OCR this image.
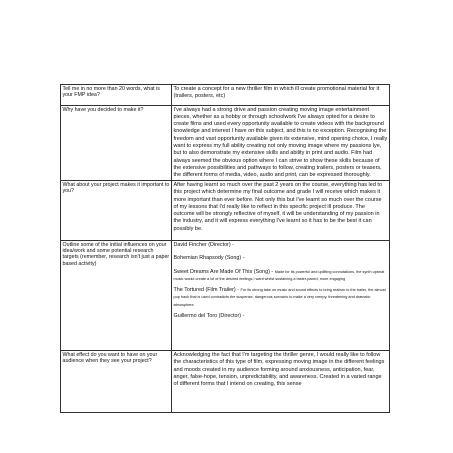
Tell me in no more than 20 words, what is your FMP idea?	To create a concept for a new thriller film in which ill create promotional material for it (trailers, posters, etc)
Why have you decided to make it?	I've always had a strong drive and passion creating moving image entertainment pieces, whether as a hobby or through schoolwork I've always opted for a desire to create films and used every opportunity available to create videos with the background knowledge and interest I have on this subject, and this is no exception. Recognising the freedom and vast opportunity available given its extensive, mind opening choice, I really want to express my full ability creating not only moving image where my passions lye, but to also demonstrate my extensive skills and ability in print and audio. Film had always seemed the obvious option where I can strive to show these skills because of the extensive possibilities and pathways to follow, creating trailers, posters or teasers, the different forms of media, video, audio and print, can be expressed thoroughly.
What about your project makes it important to you?	After having learnt so much over the past 2 years on the course, everything has led to this project which determine my final outcome and grade I will receive which makes it more important than ever before. Not only this but I've learnt so much over the course of my lessons that I'd really like to reflect in this specific project ill produce. The outcome will be strongly reflective of myself, it will be understanding of my passion in the industry, and it will express everything I've learnt so it has to be the best it can possibly be.
Outline some of the initial influences on your idea/work and some potential research targets (remember, research isn't just a paper based activity)	David Fincher (Director) -
Bohemian Rhapsody (Song) -
Sweet Dreams Are Made Of This (Song) - Made for its powerful and uplifting connotations, the synth upbeat music would create a lot of the desired feelings I want whilst sustaining a faster-paced, more engaging
The Tortured (Film Trailer) - For its strong take on music and sound effects to bring realism to the trailer, the almost pop track that is used contradicts the suspense, dangerous scenario to make a very creepy, threatening and dramatic atmosphere.
Guillermo del Toro (Director) -

What effect do you want to have on your audience when they see your project?	Acknowledging the fact that I'm targeting the thriller genre, I would really like to follow the characteristics of this type of film, expressing moving image in the different feelings and moods created in my audience forming around anxiousness, anticipation, fear, anger, false-hope, tension, unpredictability, and awareness. Created in a varied range of different forms that I intend on creating, this sense
